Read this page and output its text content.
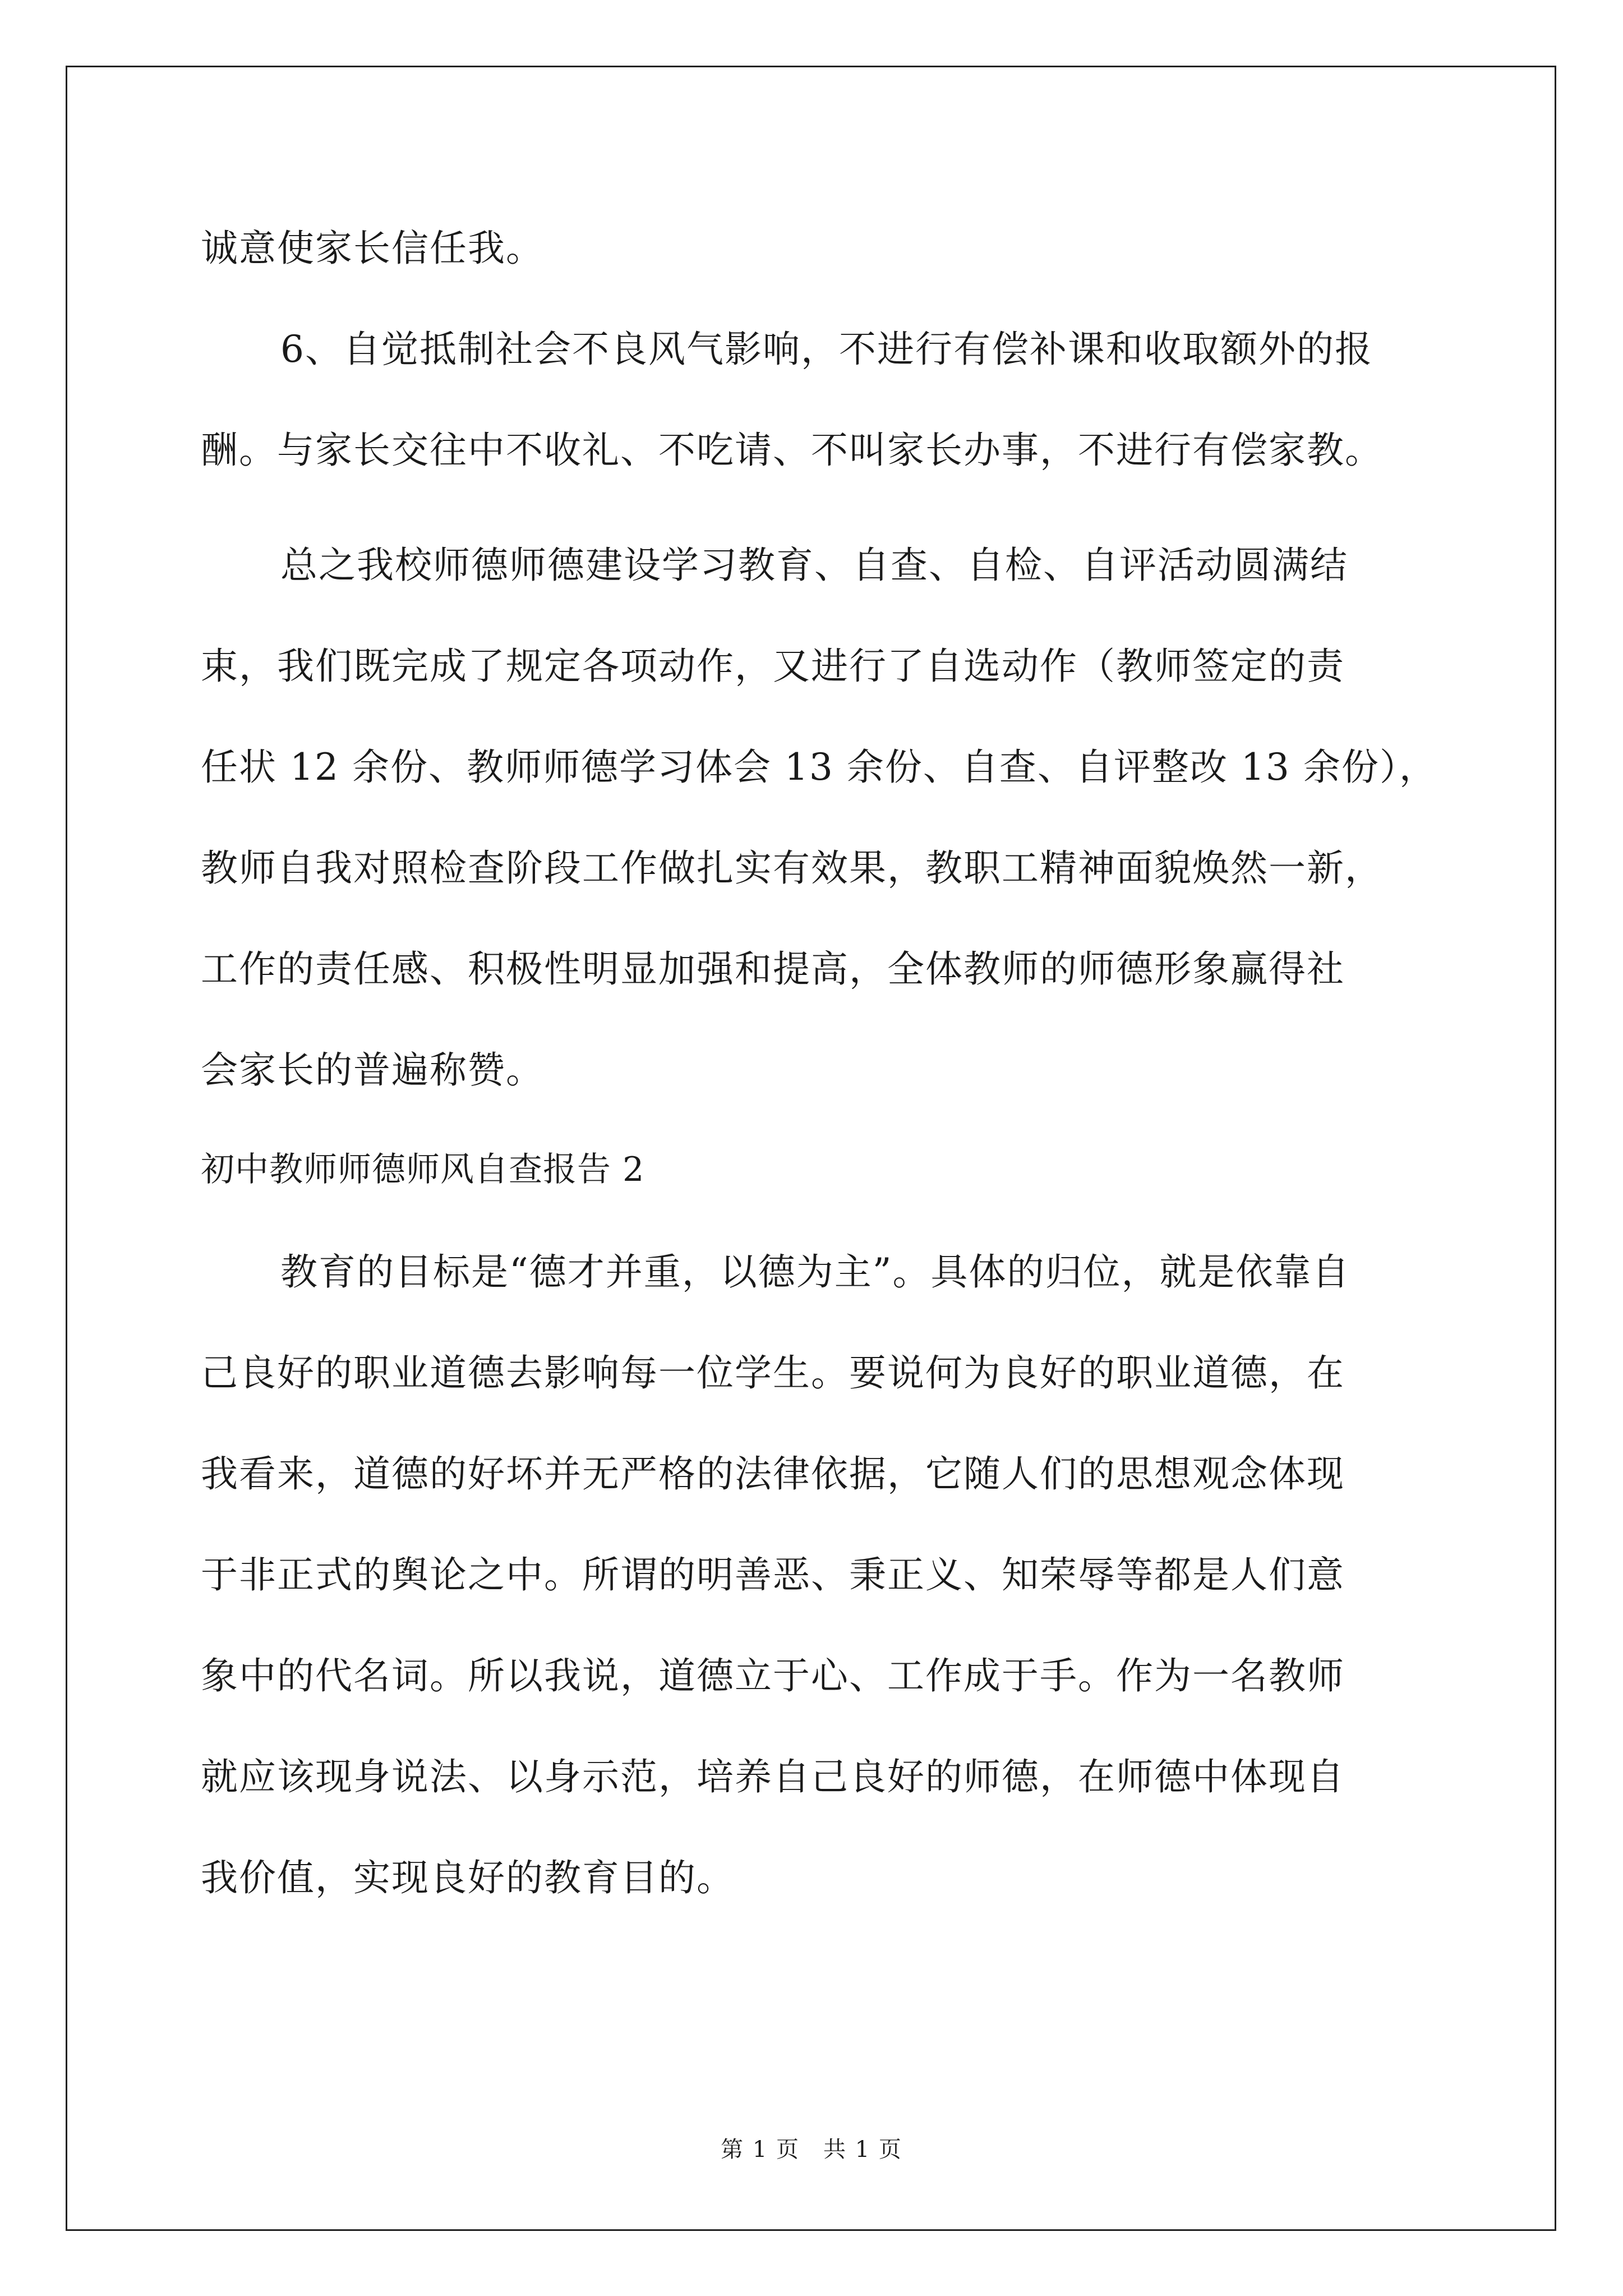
诚意使家长信任我。
6、自觉抵制社会不良风气影响，不进行有偿补课和收取额外的报
酬。与家长交往中不收礼、不吃请、不叫家长办事，不进行有偿家教。
总之我校师德师德建设学习教育、自查、自检、自评活动圆满结
束，我们既完成了规定各项动作，又进行了自选动作（教师签定的责
任状 12 余份、教师师德学习体会 13 余份、自查、自评整改 13 余份），
教师自我对照检查阶段工作做扎实有效果，教职工精神面貌焕然一新，
工作的责任感、积极性明显加强和提高，全体教师的师德形象赢得社
会家长的普遍称赞。
初中教师师德师风自查报告 2
教育的目标是“德才并重，以德为主”。具体的归位，就是依靠自
己良好的职业道德去影响每一位学生。要说何为良好的职业道德，在
我看来，道德的好坏并无严格的法律依据，它随人们的思想观念体现
于非正式的舆论之中。所谓的明善恶、秉正义、知荣辱等都是人们意
象中的代名词。所以我说，道德立于心、工作成于手。作为一名教师
就应该现身说法、以身示范，培养自己良好的师德，在师德中体现自
我价值，实现良好的教育目的。
第 1 页　共 1 页
